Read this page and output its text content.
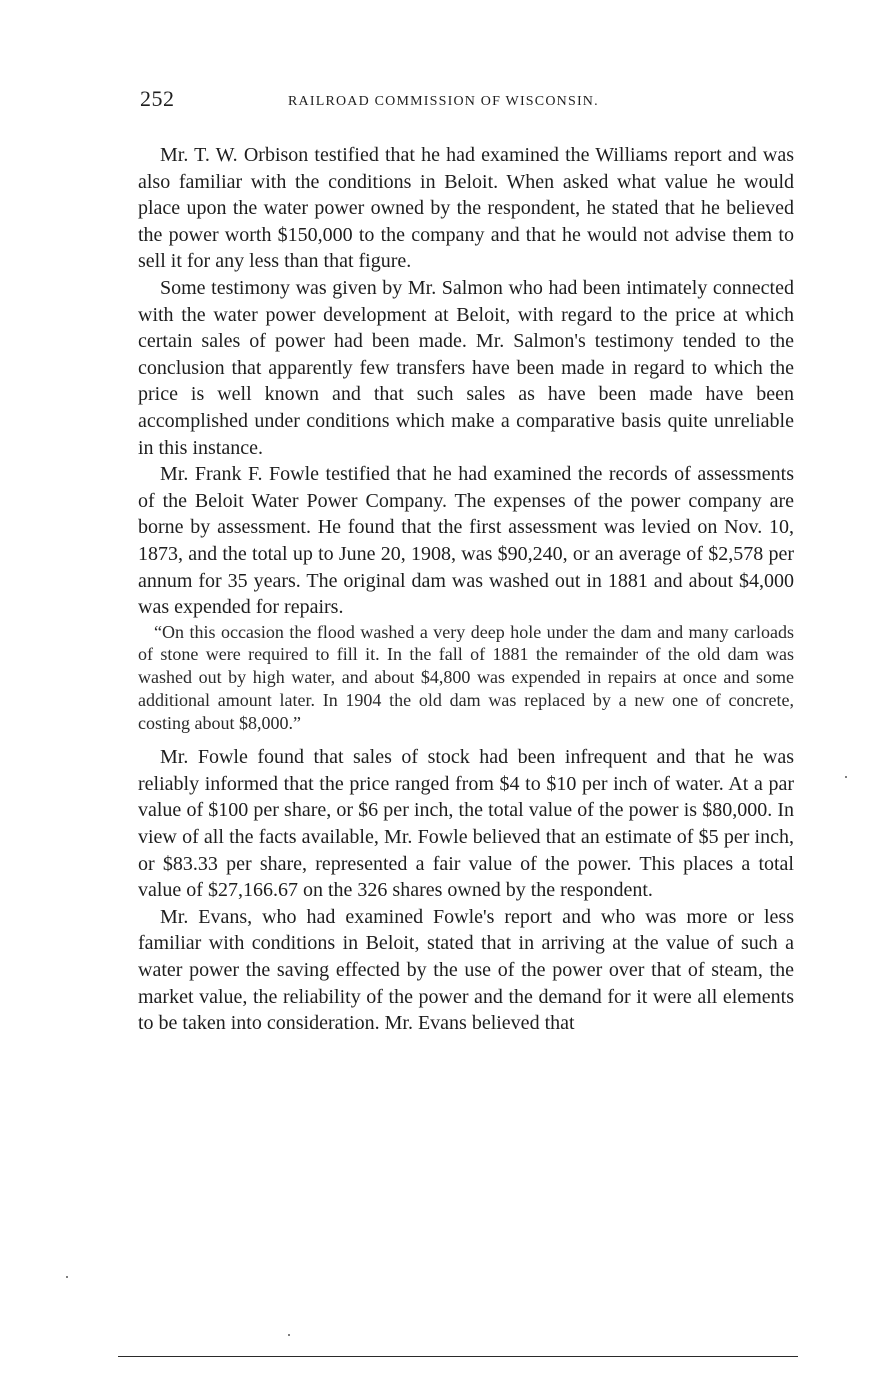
252	RAILROAD COMMISSION OF WISCONSIN.

Mr. T. W. Orbison testified that he had examined the Williams report and was also familiar with the conditions in Beloit. When asked what value he would place upon the water power owned by the respondent, he stated that he believed the power worth $150,000 to the company and that he would not advise them to sell it for any less than that figure.

Some testimony was given by Mr. Salmon who had been intimately connected with the water power development at Beloit, with regard to the price at which certain sales of power had been made. Mr. Salmon's testimony tended to the conclusion that apparently few transfers have been made in regard to which the price is well known and that such sales as have been made have been accomplished under conditions which make a comparative basis quite unreliable in this instance.

Mr. Frank F. Fowle testified that he had examined the records of assessments of the Beloit Water Power Company. The expenses of the power company are borne by assessment. He found that the first assessment was levied on Nov. 10, 1873, and the total up to June 20, 1908, was $90,240, or an average of $2,578 per annum for 35 years. The original dam was washed out in 1881 and about $4,000 was expended for repairs.

“On this occasion the flood washed a very deep hole under the dam and many carloads of stone were required to fill it. In the fall of 1881 the remainder of the old dam was washed out by high water, and about $4,800 was expended in repairs at once and some additional amount later. In 1904 the old dam was replaced by a new one of concrete, costing about $8,000.”

Mr. Fowle found that sales of stock had been infrequent and that he was reliably informed that the price ranged from $4 to $10 per inch of water. At a par value of $100 per share, or $6 per inch, the total value of the power is $80,000. In view of all the facts available, Mr. Fowle believed that an estimate of $5 per inch, or $83.33 per share, represented a fair value of the power. This places a total value of $27,166.67 on the 326 shares owned by the respondent.

Mr. Evans, who had examined Fowle's report and who was more or less familiar with conditions in Beloit, stated that in arriving at the value of such a water power the saving effected by the use of the power over that of steam, the market value, the reliability of the power and the demand for it were all elements to be taken into consideration. Mr. Evans believed that
